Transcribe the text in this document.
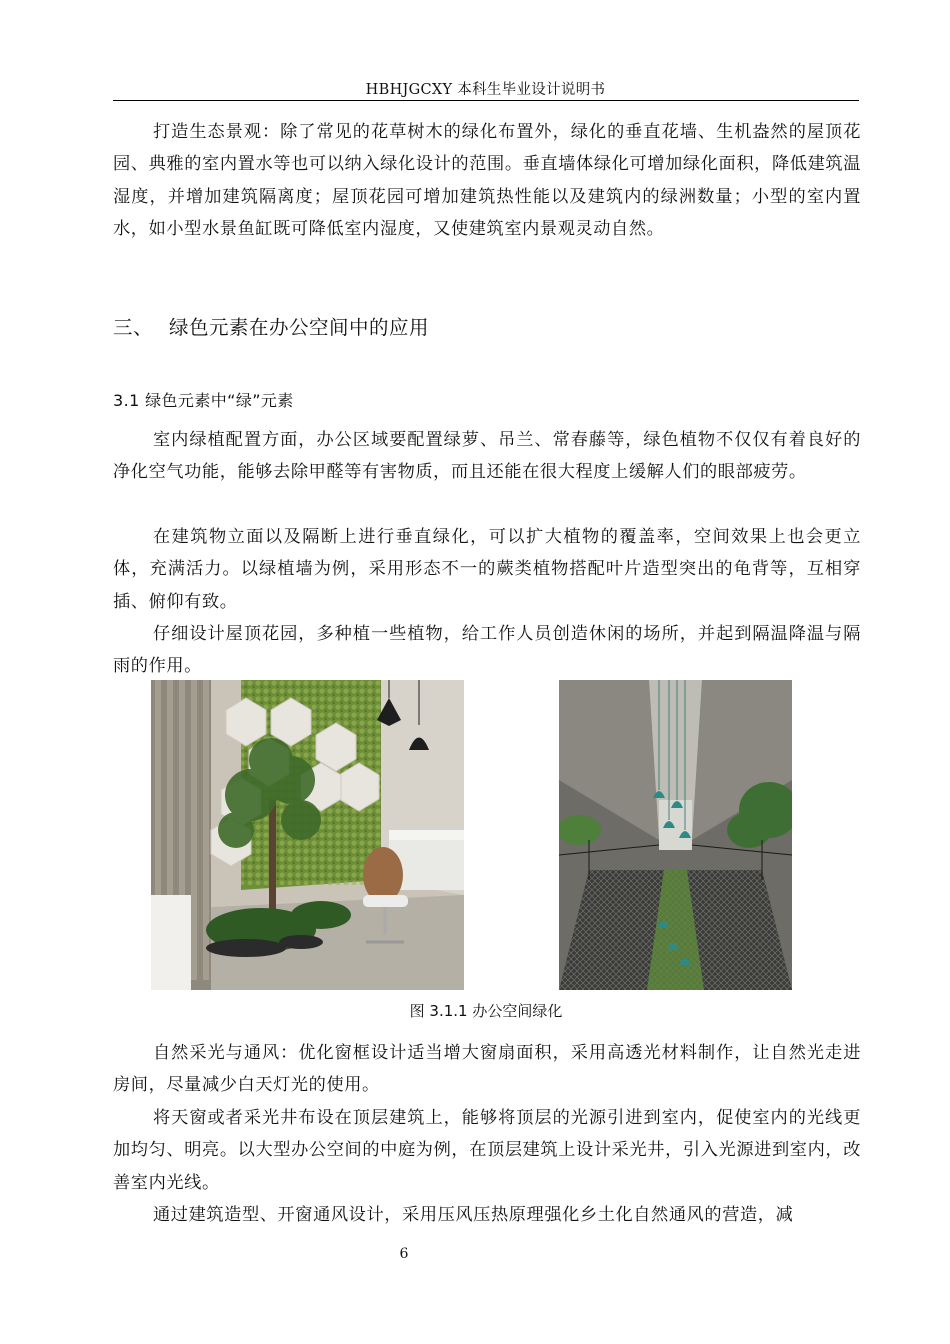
HBHJGCXY 本科生毕业设计说明书

打造生态景观：除了常见的花草树木的绿化布置外，绿化的垂直花墙、生机盎然的屋顶花园、典雅的室内置水等也可以纳入绿化设计的范围。垂直墙体绿化可增加绿化面积，降低建筑温湿度，并增加建筑隔离度；屋顶花园可增加建筑热性能以及建筑内的绿洲数量；小型的室内置水，如小型水景鱼缸既可降低室内湿度，又使建筑室内景观灵动自然。

三、 绿色元素在办公空间中的应用
3.1 绿色元素中“绿”元素

室内绿植配置方面，办公区域要配置绿萝、吊兰、常春藤等，绿色植物不仅仅有着良好的净化空气功能，能够去除甲醛等有害物质，而且还能在很大程度上缓解人们的眼部疲劳。

在建筑物立面以及隔断上进行垂直绿化，可以扩大植物的覆盖率，空间效果上也会更立体，充满活力。以绿植墙为例，采用形态不一的蕨类植物搭配叶片造型突出的龟背等，互相穿插、俯仰有致。

仔细设计屋顶花园，多种植一些植物，给工作人员创造休闲的场所，并起到隔温降温与隔雨的作用。

图 3.1.1 办公空间绿化

自然采光与通风：优化窗框设计适当增大窗扇面积，采用高透光材料制作，让自然光走进房间，尽量减少白天灯光的使用。

将天窗或者采光井布设在顶层建筑上，能够将顶层的光源引进到室内，促使室内的光线更加均匀、明亮。以大型办公空间的中庭为例，在顶层建筑上设计采光井，引入光源进到室内，改善室内光线。

通过建筑造型、开窗通风设计，采用压风压热原理强化乡土化自然通风的营造，减

6
